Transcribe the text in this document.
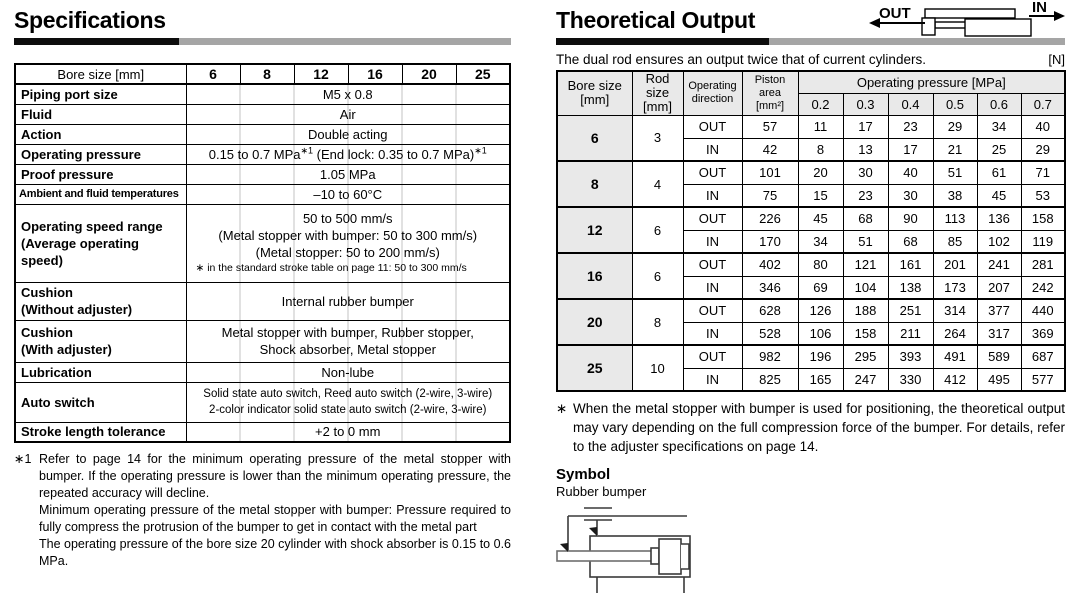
Specifications
Bore size [mm]	6	8	12	16	20	25
Piping port size	M5 x 0.8					
Fluid	Air					
Action	Double acting					
Operating pressure	0.15 to 0.7 MPa$^{∗1}$ (End lock: 0.35 to 0.7 MPa)$^{∗1}$
Proof pressure	1.05 MPa					
Ambient and fluid temperatures	–10 to 60°C					

Operating speed range
(Average operating speed)	50 to 500 mm/s
(Metal stopper with bumper: 50 to 300 mm/s)
(Metal stopper: 50 to 200 mm/s)
∗ in the standard stroke table on page 11: 50 to 300 mm/s					

Cushion
(Without adjuster)	Internal rubber bumper					

Cushion
(With adjuster)	Metal stopper with bumper, Rubber stopper,
Shock absorber, Metal stopper					

Lubrication	Non-lube					
Auto switch	Solid state auto switch, Reed auto switch (2-wire, 3-wire)
2-color indicator solid state auto switch (2-wire, 3-wire)					

Stroke length tolerance	+2 to 0 mm					
∗1 Refer to page 14 for the minimum operating pressure of the metal stopper with bumper. If the operating pressure is lower than the minimum operating pressure, the repeated accuracy will decline.
Minimum operating pressure of the metal stopper with bumper: Pressure required to fully compress the protrusion of the bumper to get in contact with the metal part
The operating pressure of the bore size 20 cylinder with shock absorber is 0.15 to 0.6 MPa.
Theoretical Output	OUT	IN
The dual rod ensures an output twice that of current cylinders.	[N]
Bore size
[mm]	Rod size
[mm]	Operating
direction	Piston area
[mm²]	Operating pressure [MPa]					
				0.2	0.3	0.4	0.5	0.6	0.7
6	3	OUT	57	11	17	23	29	34	40
		IN	42	8	13	17	21	25	29
8	4	OUT	101	20	30	40	51	61	71
		IN	75	15	23	30	38	45	53
12	6	OUT	226	45	68	90	113	136	158
		IN	170	34	51	68	85	102	119
16	6	OUT	402	80	121	161	201	241	281
		IN	346	69	104	138	173	207	242
20	8	OUT	628	126	188	251	314	377	440
		IN	528	106	158	211	264	317	369
25	10	OUT	982	196	295	393	491	589	687
		IN	825	165	247	330	412	495	577
∗ When the metal stopper with bumper is used for positioning, the theoretical output may vary depending on the full compression force of the bumper. For details, refer to the adjuster specifications on page 14.
Symbol
Rubber bumper
